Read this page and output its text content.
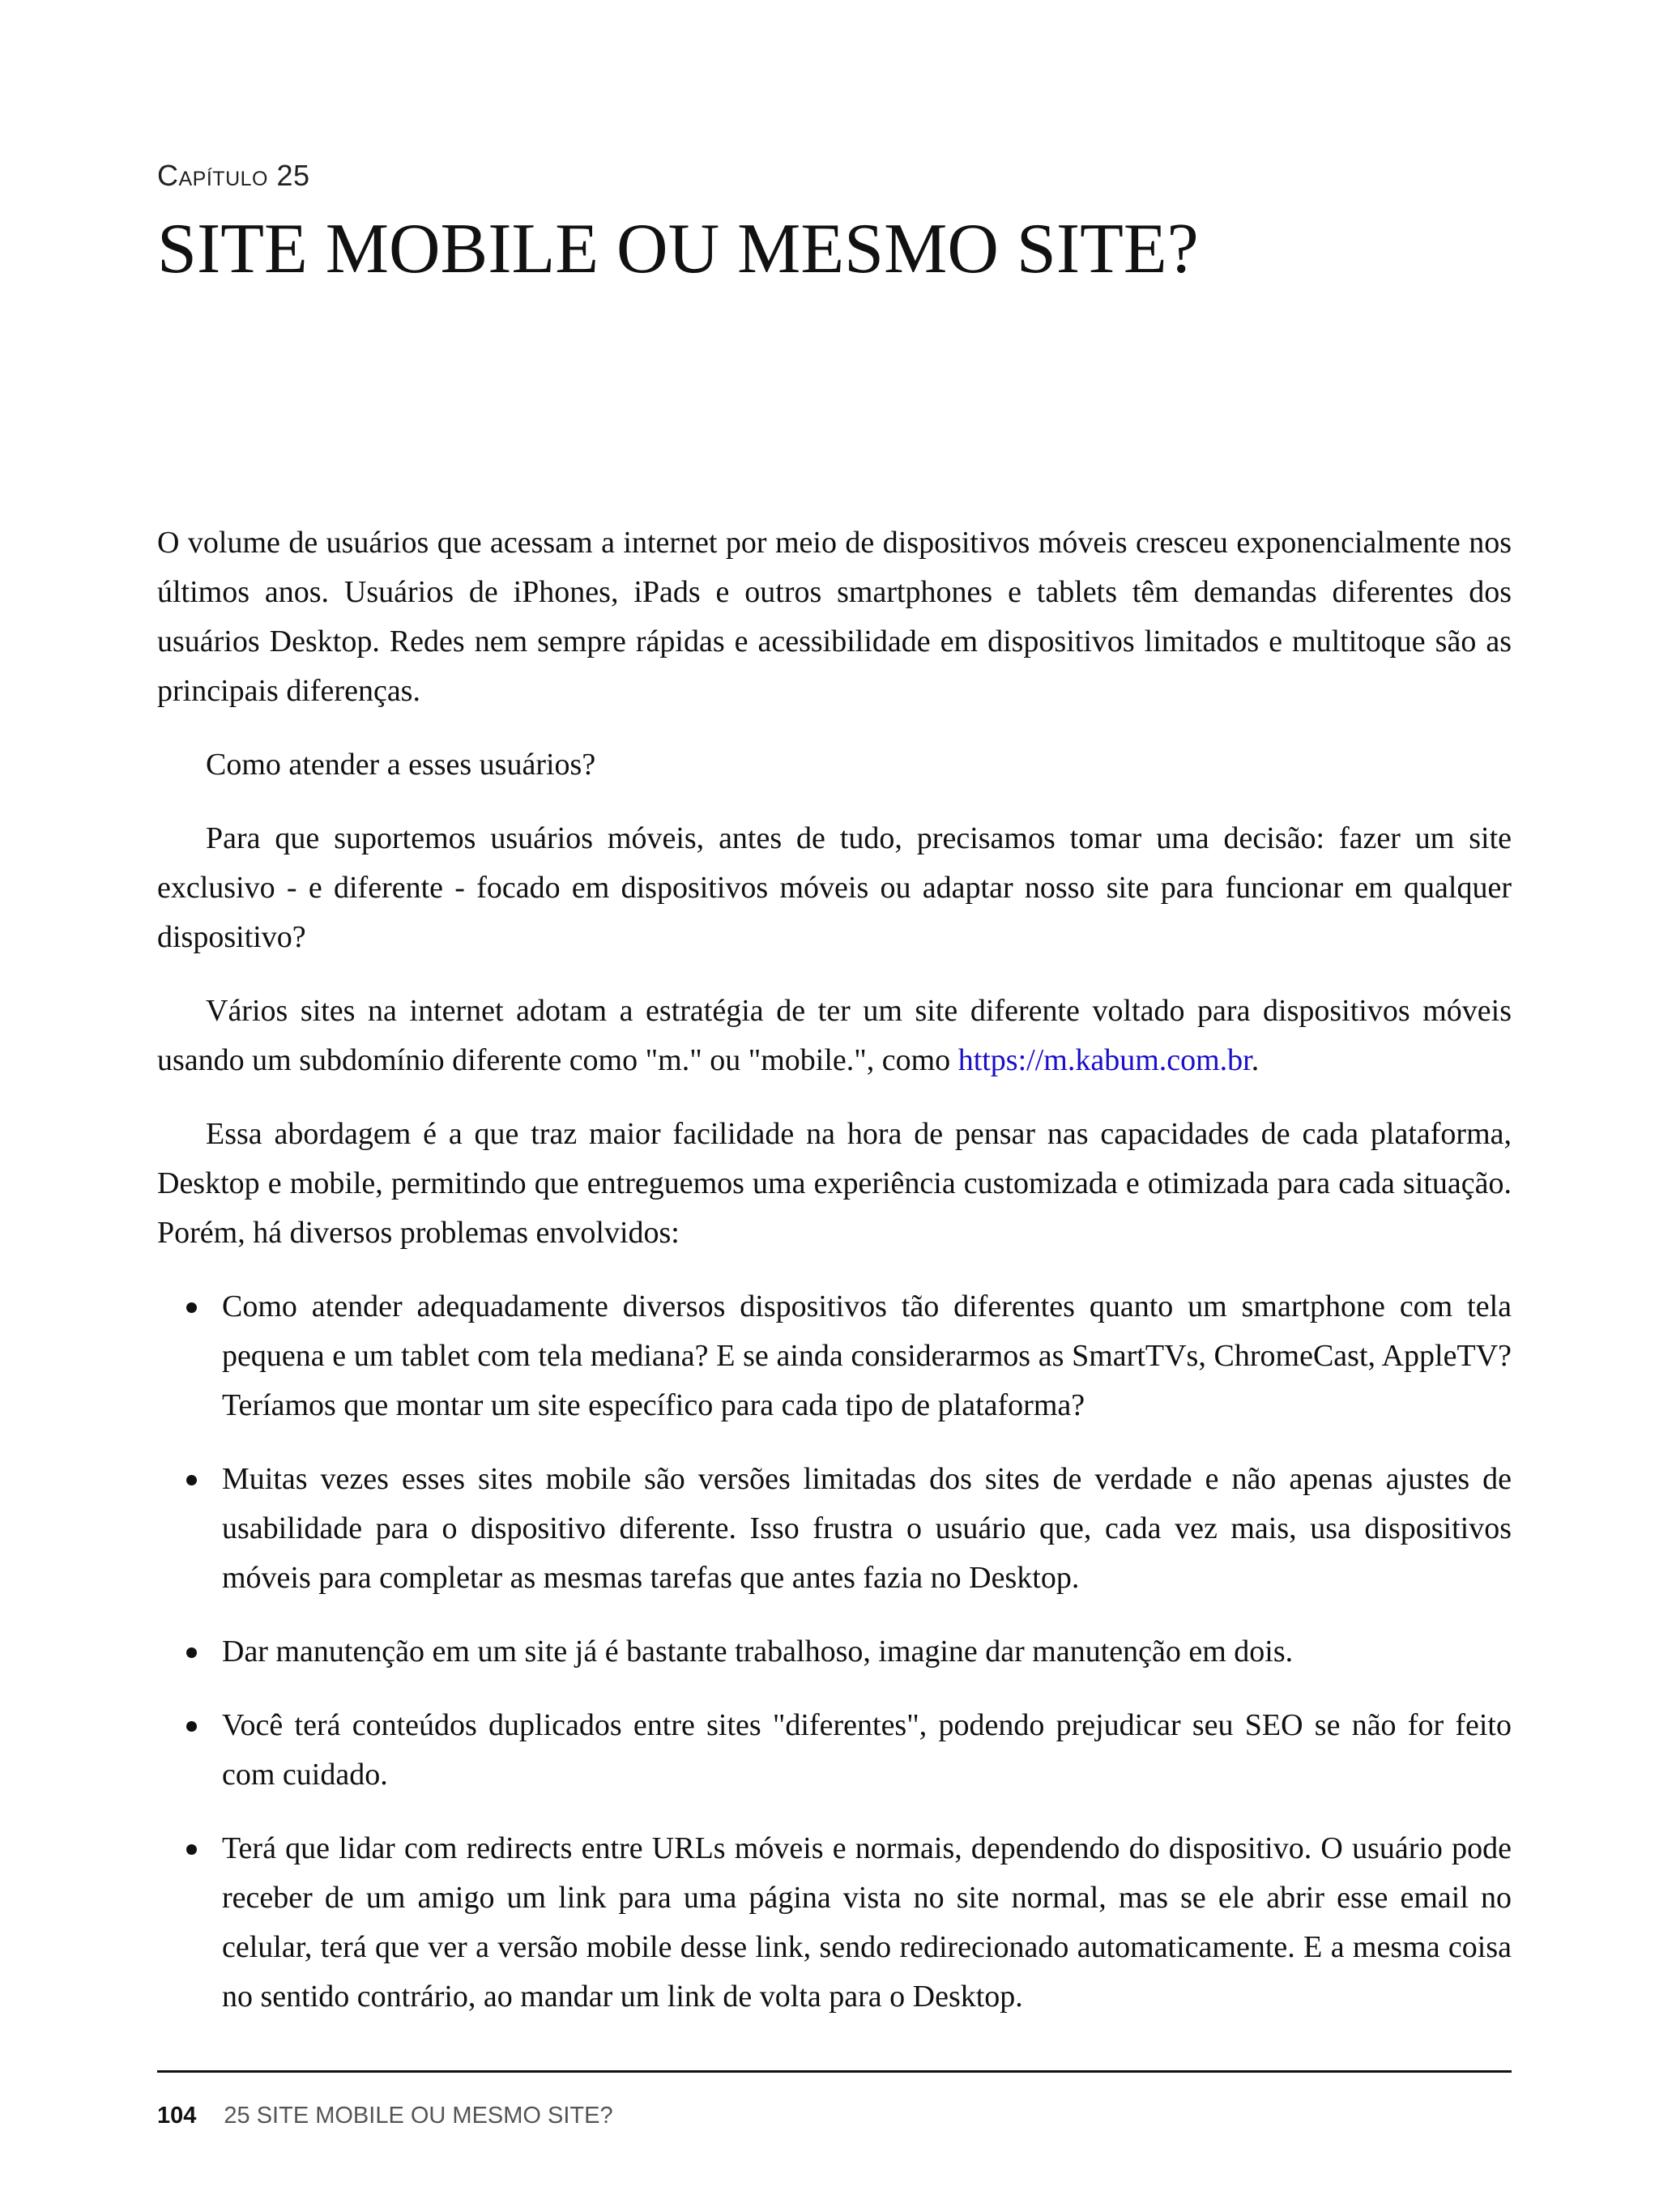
Capítulo 25
SITE MOBILE OU MESMO SITE?

O volume de usuários que acessam a internet por meio de dispositivos móveis cresceu exponencialmente nos últimos anos. Usuários de iPhones, iPads e outros smartphones e tablets têm demandas diferentes dos usuários Desktop. Redes nem sempre rápidas e acessibilidade em dispositivos limitados e multitoque são as principais diferenças.

Como atender a esses usuários?

Para que suportemos usuários móveis, antes de tudo, precisamos tomar uma decisão: fazer um site exclusivo - e diferente - focado em dispositivos móveis ou adaptar nosso site para funcionar em qualquer dispositivo?

Vários sites na internet adotam a estratégia de ter um site diferente voltado para dispositivos móveis usando um subdomínio diferente como "m." ou "mobile.", como https://m.kabum.com.br.

Essa abordagem é a que traz maior facilidade na hora de pensar nas capacidades de cada plataforma, Desktop e mobile, permitindo que entreguemos uma experiência customizada e otimizada para cada situação. Porém, há diversos problemas envolvidos:

Como atender adequadamente diversos dispositivos tão diferentes quanto um smartphone com tela pequena e um tablet com tela mediana? E se ainda considerarmos as SmartTVs, ChromeCast, AppleTV? Teríamos que montar um site específico para cada tipo de plataforma?
Muitas vezes esses sites mobile são versões limitadas dos sites de verdade e não apenas ajustes de usabilidade para o dispositivo diferente. Isso frustra o usuário que, cada vez mais, usa dispositivos móveis para completar as mesmas tarefas que antes fazia no Desktop.
Dar manutenção em um site já é bastante trabalhoso, imagine dar manutenção em dois.
Você terá conteúdos duplicados entre sites "diferentes", podendo prejudicar seu SEO se não for feito com cuidado.
Terá que lidar com redirects entre URLs móveis e normais, dependendo do dispositivo. O usuário pode receber de um amigo um link para uma página vista no site normal, mas se ele abrir esse email no celular, terá que ver a versão mobile desse link, sendo redirecionado automaticamente. E a mesma coisa no sentido contrário, ao mandar um link de volta para o Desktop.
104 25 SITE MOBILE OU MESMO SITE?
